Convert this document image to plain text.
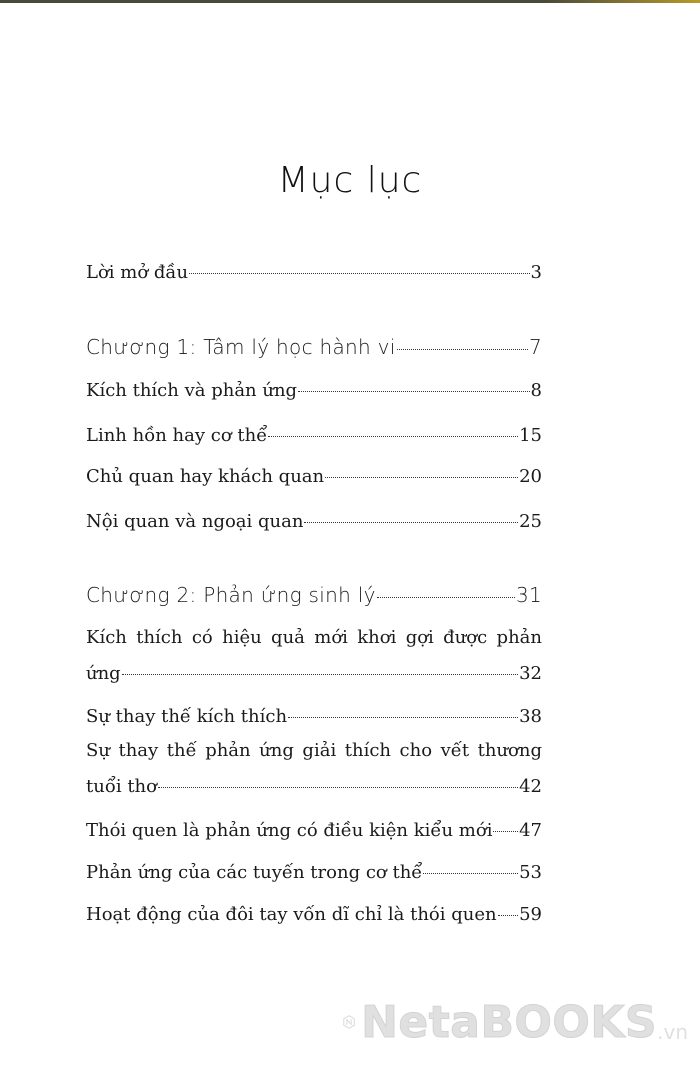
Mục lục
Lời mở đầu	3
Chương 1: Tâm lý học hành vi	7
Kích thích và phản ứng	8
Linh hồn hay cơ thể	15
Chủ quan hay khách quan	20
Nội quan và ngoại quan	25
Chương 2: Phản ứng sinh lý	31
Kích thích có hiệu quả mới khơi gợi được phản
ứng	32
Sự thay thế kích thích	38
Sự thay thế phản ứng giải thích cho vết thương
tuổi thơ	42
Thói quen là phản ứng có điều kiện kiểu mới 47
Phản ứng của các tuyến trong cơ thể	53
Hoạt động của đôi tay vốn dĩ chỉ là thói quen 59
NetaBOOKS .vn
